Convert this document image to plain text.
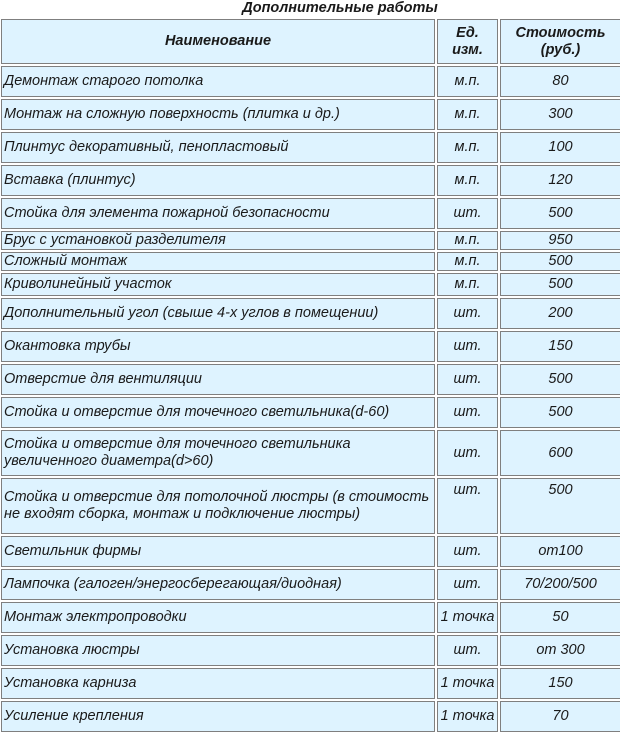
Дополнительные работы
Наименование	Ед. изм.	Стоимость (руб.)
Демонтаж старого потолка	м.п.	80
Монтаж на сложную поверхность (плитка и др.)	м.п.	300
Плинтус декоративный, пенопластовый	м.п.	100
Вставка (плинтус)	м.п.	120
Стойка для элемента пожарной безопасности	шт.	500
Брус с установкой разделителя	м.п.	950
Сложный монтаж	м.п.	500
Криволинейный участок	м.п.	500
Дополнительный угол (свыше 4-х углов в помещении)	шт.	200
Окантовка трубы	шт.	150
Отверстие для вентиляции	шт.	500
Стойка и отверстие для точечного светильника(d-60)	шт.	500
Стойка и отверстие для точечного светильника увеличенного диаметра(d>60)	шт.	600
Стойка и отверстие для потолочной люстры (в стоимость не входят сборка, монтаж и подключение люстры)	шт.	500
Светильник фирмы	шт.	от100
Лампочка (галоген/энергосберегающая/диодная)	шт.	70/200/500
Монтаж электропроводки	1 точка	50
Установка люстры	шт.	от 300
Установка карниза	1 точка	150
Усиление крепления	1 точка	70
